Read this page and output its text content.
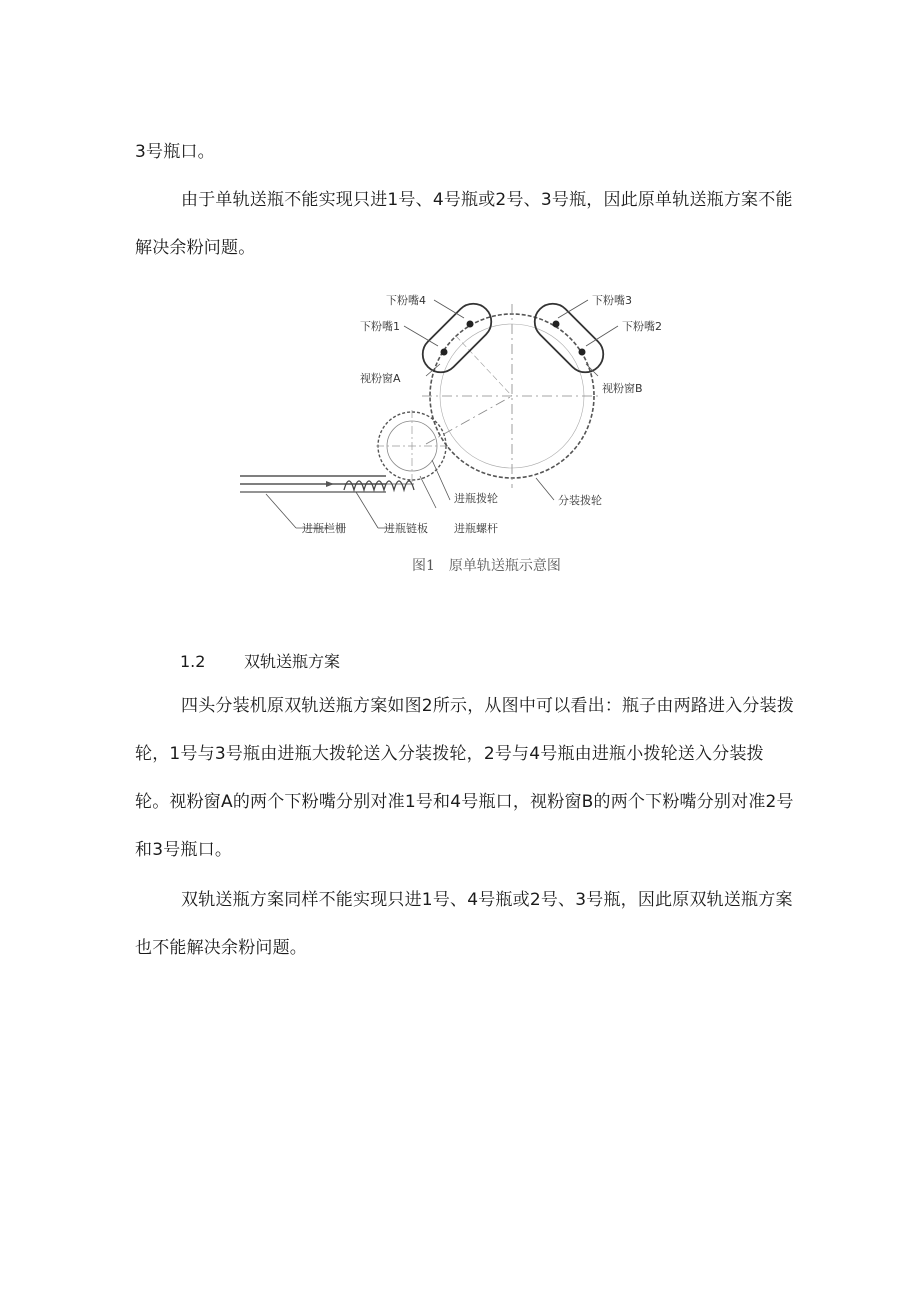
3号瓶口。

由于单轨送瓶不能实现只进1号、4号瓶或2号、3号瓶，因此原单轨送瓶方案不能解决余粉问题。

下粉嘴4
下粉嘴1
下粉嘴3
下粉嘴2
视粉窗A
视粉窗B
进瓶拨轮	分装拨轮
进瓶栏栅	进瓶链板 进瓶螺杆
图1　原单轨送瓶示意图

1.2 双轨送瓶方案

四头分装机原双轨送瓶方案如图2所示，从图中可以看出：瓶子由两路进入分装拨轮，1号与3号瓶由进瓶大拨轮送入分装拨轮，2号与4号瓶由进瓶小拨轮送入分装拨轮。视粉窗A的两个下粉嘴分别对准1号和4号瓶口，视粉窗B的两个下粉嘴分别对准2号和3号瓶口。

双轨送瓶方案同样不能实现只进1号、4号瓶或2号、3号瓶，因此原双轨送瓶方案也不能解决余粉问题。
